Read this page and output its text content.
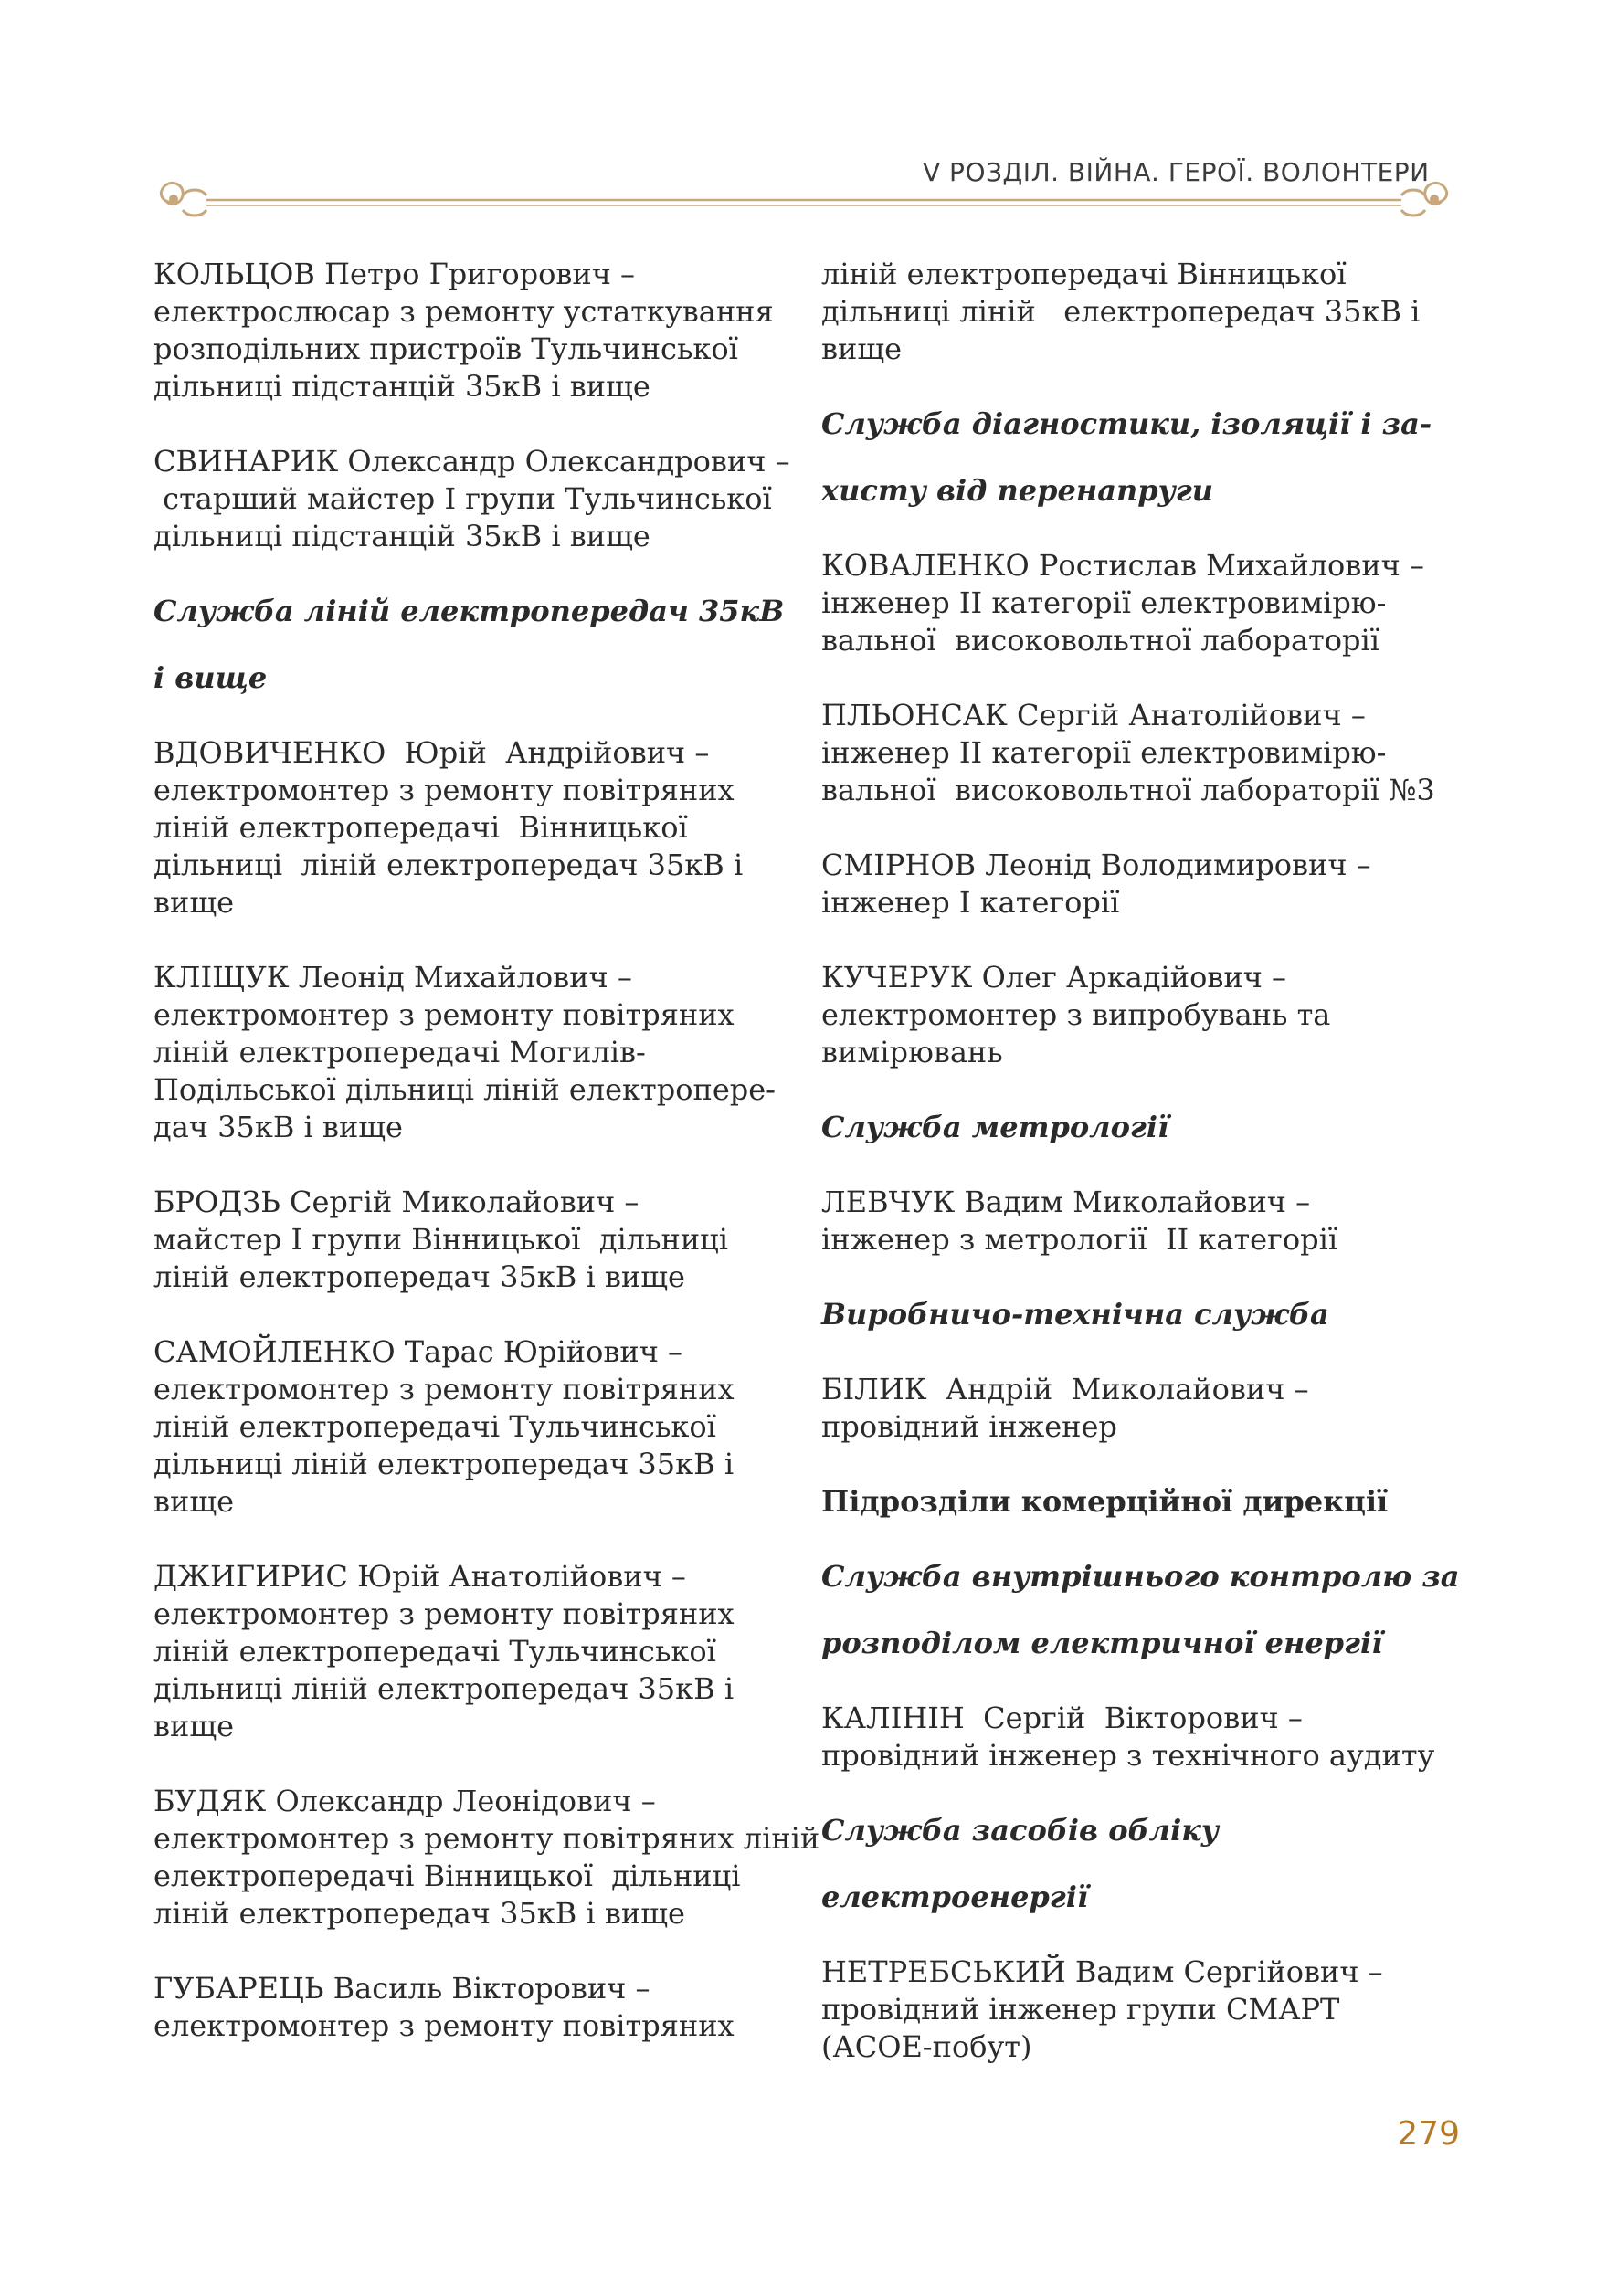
V РОЗДІЛ. ВІЙНА. ГЕРОЇ. ВОЛОНТЕРИ

КОЛЬЦОВ Петро Григорович –

електрослюсар з ремонту устаткування

розподільних пристроїв Тульчинської

дільниці підстанцій 35кВ і вище

СВИНАРИК Олександр Олександрович –

старший майстер І групи Тульчинської

дільниці підстанцій 35кВ і вище

Служба ліній електропередач 35кВ

і вище

ВДОВИЧЕНКО  Юрій  Андрійович –

електромонтер з ремонту повітряних

ліній електропередачі  Вінницької

дільниці  ліній електропередач 35кВ і

вище

КЛІЩУК Леонід Михайлович –

електромонтер з ремонту повітряних

ліній електропередачі Могилів-

Подільської дільниці ліній електропере-

дач 35кВ і вище

БРОДЗЬ Сергій Миколайович –

майстер І групи Вінницької  дільниці

ліній електропередач 35кВ і вище

САМОЙЛЕНКО Тарас Юрійович –

електромонтер з ремонту повітряних

ліній електропередачі Тульчинської

дільниці ліній електропередач 35кВ і

вище

ДЖИГИРИС Юрій Анатолійович –

електромонтер з ремонту повітряних

ліній електропередачі Тульчинської

дільниці ліній електропередач 35кВ і

вище

БУДЯК Олександр Леонідович –

електромонтер з ремонту повітряних ліній

електропередачі Вінницької  дільниці

ліній електропередач 35кВ і вище

ГУБАРЕЦЬ Василь Вікторович –

електромонтер з ремонту повітряних

ліній електропередачі Вінницької

дільниці ліній   електропередач 35кВ і

вище

Служба діагностики, ізоляції і за-

хисту від перенапруги

КОВАЛЕНКО Ростислав Михайлович –

інженер ІІ категорії електровимірю-

вальної  високовольтної лабораторії

ПЛЬОНСАК Сергій Анатолійович –

інженер ІІ категорії електровимірю-

вальної  високовольтної лабораторії №3

СМІРНОВ Леонід Володимирович –

інженер І категорії

КУЧЕРУК Олег Аркадійович –

електромонтер з випробувань та

вимірювань

Служба метрології

ЛЕВЧУК Вадим Миколайович –

інженер з метрології  ІІ категорії

Виробничо-технічна служба

БІЛИК  Андрій  Миколайович –

провідний інженер

Підрозділи комерційної дирекції

Служба внутрішнього контролю за

розподілом електричної енергії

КАЛІНІН  Сергій  Вікторович –

провідний інженер з технічного аудиту

Служба засобів обліку

електроенергії

НЕТРЕБСЬКИЙ Вадим Сергійович –

провідний інженер групи СМАРТ

(АСОЕ-побут)

279
